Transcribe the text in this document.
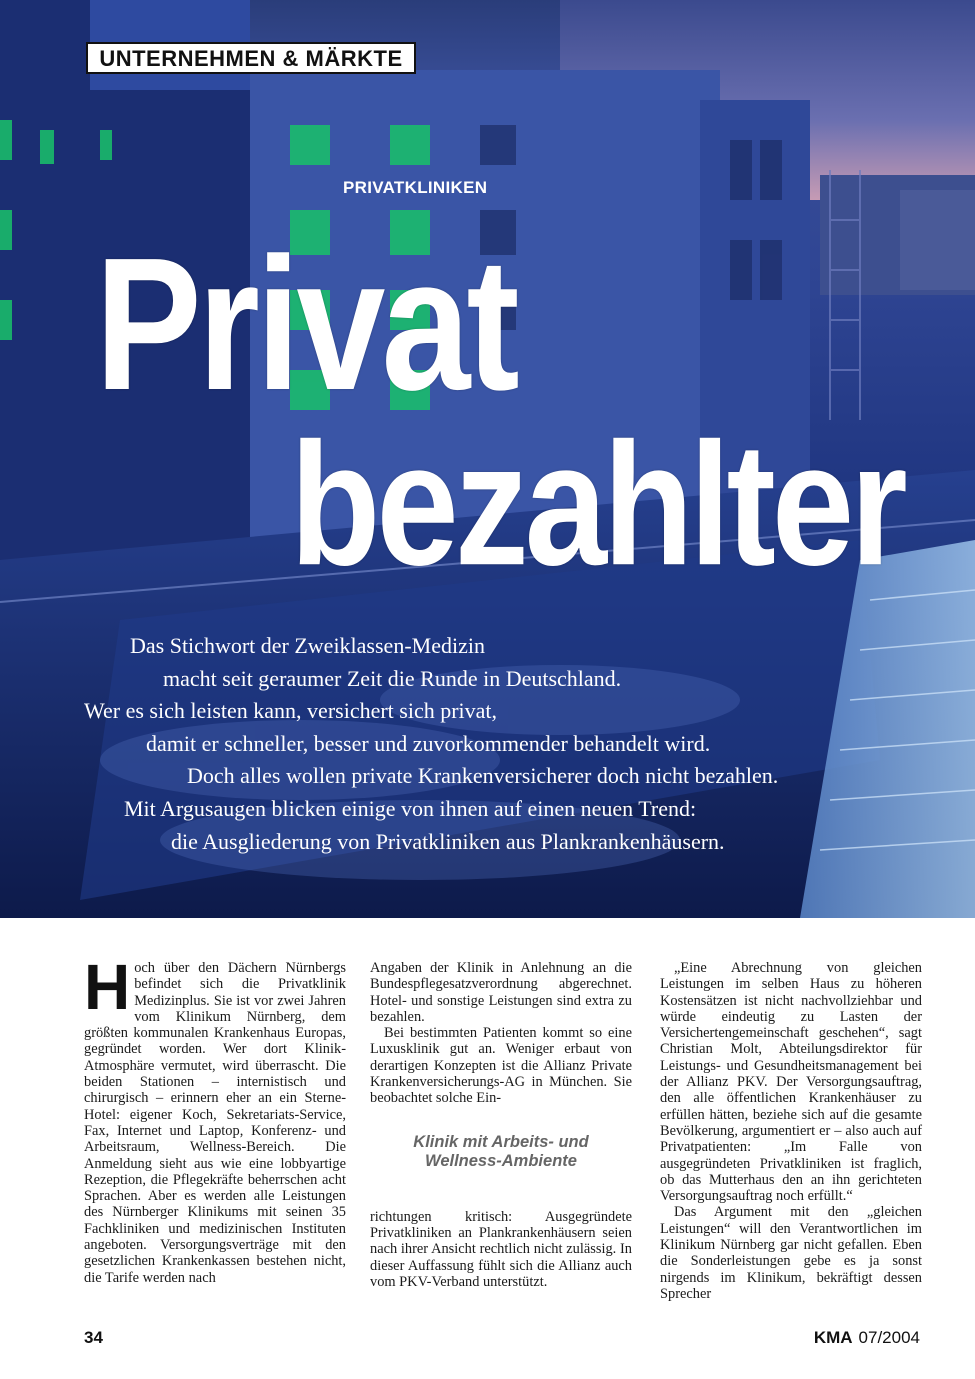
UNTERNEHMEN & MÄRKTE
PRIVATKLINIKEN
Privat
bezahlter
Das Stichwort der Zweiklassen-Medizin
macht seit geraumer Zeit die Runde in Deutschland.
Wer es sich leisten kann, versichert sich privat,
damit er schneller, besser und zuvorkommender behandelt wird.
Doch alles wollen private Krankenversicherer doch nicht bezahlen.
Mit Argusaugen blicken einige von ihnen auf einen neuen Trend:
die Ausgliederung von Privatkliniken aus Plankrankenhäusern.

Hoch über den Dächern Nürnbergs befindet sich die Privatklinik Medizinplus. Sie ist vor zwei Jahren vom Klinikum Nürnberg, dem größten kommunalen Krankenhaus Europas, gegründet worden. Wer dort Klinik-Atmosphäre vermutet, wird überrascht. Die beiden Stationen – internistisch und chirurgisch – erinnern eher an ein Sterne-Hotel: eigener Koch, Sekretariats-Service, Fax, Internet und Laptop, Konferenz- und Arbeitsraum, Wellness-Bereich. Die Anmeldung sieht aus wie eine lobbyartige Rezeption, die Pflegekräfte beherrschen acht Sprachen. Aber es werden alle Leistungen des Nürnberger Klinikums mit seinen 35 Fachkliniken und medizinischen Instituten angeboten. Versorgungsverträge mit den gesetzlichen Krankenkassen bestehen nicht, die Tarife werden nach

Angaben der Klinik in Anlehnung an die Bundespflegesatzverordnung abgerechnet. Hotel- und sonstige Leistungen sind extra zu bezahlen.

Bei bestimmten Patienten kommt so eine Luxusklinik gut an. Weniger erbaut von derartigen Konzepten ist die Allianz Private Krankenversicherungs-AG in München. Sie beobachtet solche Ein-

Klinik mit Arbeits- und
Wellness-Ambiente

richtungen kritisch: Ausgegründete Privatkliniken an Plankrankenhäusern seien nach ihrer Ansicht rechtlich nicht zulässig. In dieser Auffassung fühlt sich die Allianz auch vom PKV-Verband unterstützt.

„Eine Abrechnung von gleichen Leistungen im selben Haus zu höheren Kostensätzen ist nicht nachvollziehbar und würde eindeutig zu Lasten der Versichertengemeinschaft geschehen“, sagt Christian Molt, Abteilungsdirektor für Leistungs- und Gesundheitsmanagement bei der Allianz PKV. Der Versorgungsauftrag, den alle öffentlichen Krankenhäuser zu erfüllen hätten, beziehe sich auf die gesamte Bevölkerung, argumentiert er – also auch auf Privatpatienten: „Im Falle von ausgegründeten Privatkliniken ist fraglich, ob das Mutterhaus den an ihn gerichteten Versorgungsauftrag noch erfüllt.“

Das Argument mit den „gleichen Leistungen“ will den Verantwortlichen im Klinikum Nürnberg gar nicht gefallen. Eben die Sonderleistungen gebe es ja sonst nirgends im Klinikum, bekräftigt dessen Sprecher

34	KMA 07/2004
